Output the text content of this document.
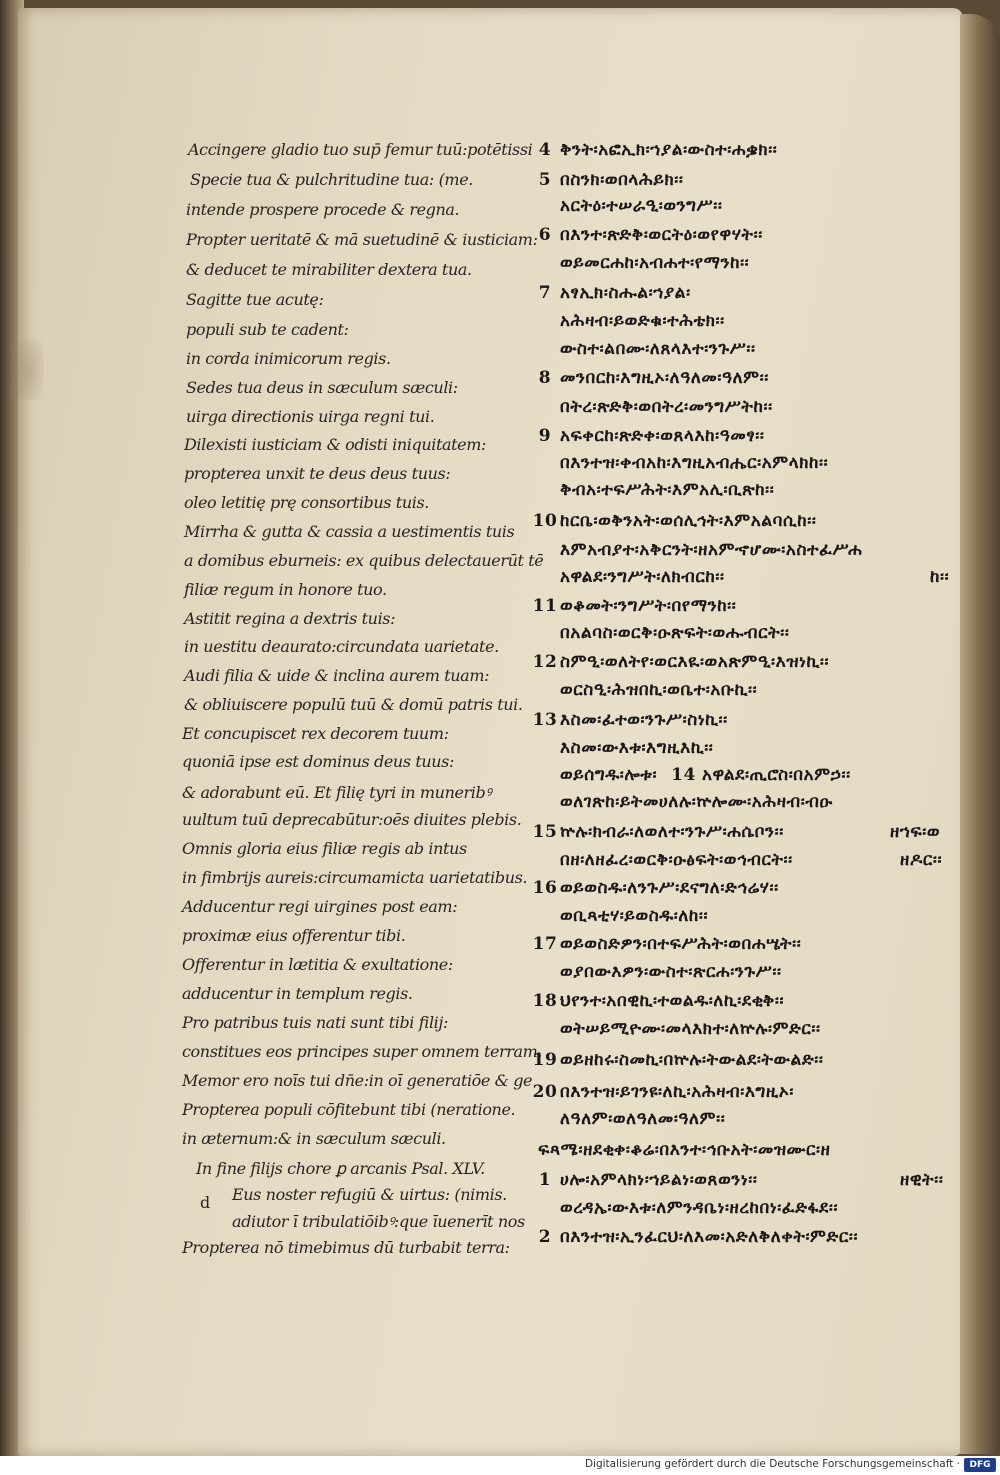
Accingere gladio tuo sup̄ femur tuū:potētissi
Specie tua & pulchritudine tua: (me.
intende prospere procede & regna.
Propter ueritatē & mā suetudinē & iusticiam:
& deducet te mirabiliter dextera tua.
Sagitte tue acutę:
populi sub te cadent:
in corda inimicorum regis.
Sedes tua deus in sæculum sæculi:
uirga directionis uirga regni tui.
Dilexisti iusticiam & odisti iniquitatem:
propterea unxit te deus deus tuus:
oleo letitię prę consortibus tuis.
Mirrha & gutta & cassia a uestimentis tuis
a domibus eburneis: ex quibus delectauerūt tē
filiæ regum in honore tuo.
Astitit regina a dextris tuis:
in uestitu deaurato:circundata uarietate.
Audi filia & uide & inclina aurem tuam:
& obliuiscere populū tuū & domū patris tui.
Et concupiscet rex decorem tuum:
quoniā ipse est dominus deus tuus:
& adorabunt eū. Et filię tyri in muneribꝰ
uultum tuū deprecabūtur:oēs diuites plebis.
Omnis gloria eius filiæ regis ab intus
in fimbrijs aureis:circumamicta uarietatibus.
Adducentur regi uirgines post eam:
proximæ eius offerentur tibi.
Offerentur in lætitia & exultatione:
adducentur in templum regis.
Pro patribus tuis nati sunt tibi filij:
constitues eos principes super omnem terram.
Memor ero noīs tui dn̄e:in oī generatiōe & ge
Propterea populi cōfitebunt tibi (neratione.
in æternum:& in sæculum sæculi.
In fine filijs chore ꝑ arcanis Psal. XLV.
Eus noster refugiū & uirtus: (nimis.
adiutor ī tribulatiōibꝰ:que īuenerīt nos
Propterea nō timebimus dū turbabit terra:
d
4 ቅንት፡አፎኢክ፡ኀያል፡ውስተ፡ሐቌክ፡፡
5 በስንክ፡ወበላሕይክ፡፡
አርትዕ፡ተሠራዒ፡ወንግሥ፡፡
6 በእንተ፡ጽድቅ፡ወርትዕ፡ወየዋሃት፡፡
ወይመርሐከ፡አብሐተ፡የማንከ፡፡
7 አፃኢክ፡ስሑል፡ኀያል፡
አሕዛብ፡ይወድቁ፡ተሕቴክ፡፡
ውስተ፡ልበሙ፡ለጸላእተ፡ንጉሥ፡፡
8 መንበርከ፡እግዚኦ፡ለዓለመ፡ዓለም፡፡
በትረ፡ጽድቅ፡ወበትረ፡መንግሥትከ፡፡
9 አፍቀርከ፡ጽድቀ፡ወጸላእከ፡ዓመፃ፡፡
በእንተዝ፡ቀብአከ፡እግዚአብሔር፡አምላክከ፡፡
ቅብአ፡ተፍሥሕት፡እምአሊ፡ቢጽከ፡፡
10 ከርቤ፡ወቅንአት፡ወሰሊኅት፡እምአልባሲከ፡፡
እምአብያተ፡አቅርንት፡ዘአምኆሆሙ፡አስተፈሥሐ
አዋልደ፡ንግሥት፡ለክብርከ፡፡	ከ፡፡
11 ወቆመት፡ንግሥት፡በየማንከ፡፡
በአልባስ፡ወርቅ፡ዑጽፍት፡ወሑብርት፡፡
12 ስምዒ፡ወለትየ፡ወርእዪ፡ወአጽምዒ፡እዝነኪ፡፡
ወርስዒ፡ሕዝበኪ፡ወቤተ፡አቡኪ፡፡
13 እስመ፡ፈተወ፡ንጉሥ፡ስነኪ፡፡
እስመ፡ውእቱ፡እግዚእኪ፡፡
ወይሰግዱ፡ሎቱ፡ 14 አዋልደ፡ጢሮስ፡በአምኃ፡፡
ወለገጽከ፡ይትመሀለሉ፡ኵሎሙ፡አሕዛብ፡ብዑ
15 ኵሉ፡ክብራ፡ለወለተ፡ንጉሥ፡ሐሴቦን፡፡	ዘኀፍ፡ወ
በዘ፡ለዘፈረ፡ወርቅ፡ዑፅፍት፡ወኅብርት፡፡	ዘዶር፡፡
16 ወይወስዱ፡ለንጉሥ፡ደናግለ፡ድኅሬሃ፡፡
ወቢጻቲሃ፡ይወስዱ፡ለከ፡፡
17 ወይወስድዎን፡በተፍሥሕት፡ወበሐሤት፡፡
ወያበውእዎን፡ውስተ፡ጽርሐ፡ንጉሥ፡፡
18 ህየንተ፡አበዊኪ፡ተወልዱ፡ለኪ፡ደቂቅ፡፡
ወትሠይሚዮሙ፡መላእክተ፡ለኵሉ፡ምድር፡፡
19 ወይዘከሩ፡ስመኪ፡በኵሉ፡ትውልደ፡ትውልድ፡፡
20 በእንተዝ፡ይገንዩ፡ለኪ፡አሕዛብ፡እግዚኦ፡
ለዓለም፡ወለዓለመ፡ዓለም፡፡
ፍጻሜ፡ዘደቂቀ፡ቆሬ፡በእንተ፡ኅቡአት፡መዝሙር፡ዘ
1 ሀሎ፡አምላክነ፡ኀይልነ፡ወጸወንነ፡፡	ዘዊት፡፡
ወረዳኤ፡ውእቱ፡ለምንዳቤነ፡ዘረከበነ፡ፈድፋደ፡፡
2 በእንተዝ፡ኢንፈርህ፡ለእመ፡አድለቅለቀት፡ምድር፡፡
Digitalisierung gefördert durch die Deutsche Forschungsgemeinschaft ·	DFG
